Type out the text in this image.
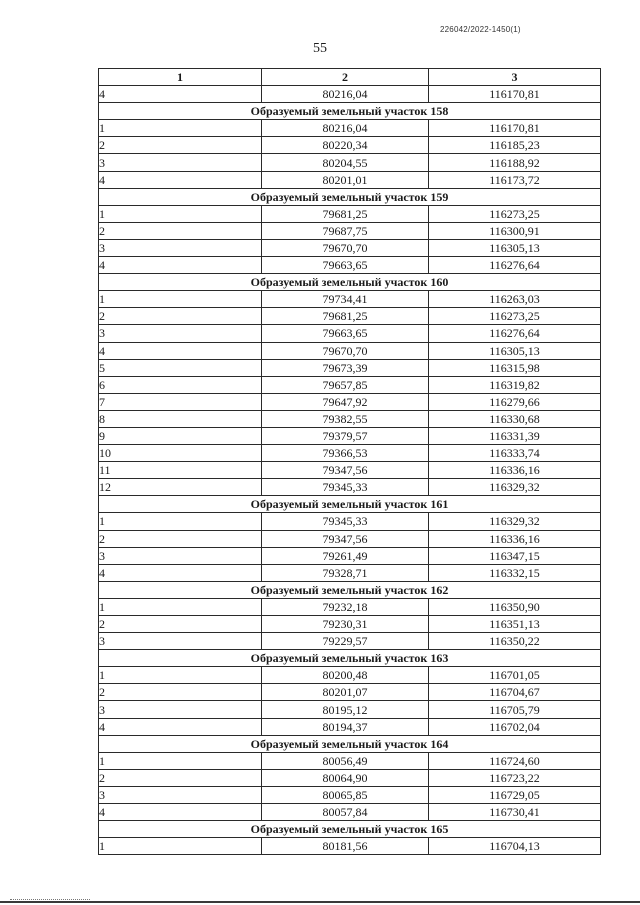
226042/2022-1450(1)
55
1	2	3
4	80216,04	116170,81
Образуемый земельный участок 158		
1	80216,04	116170,81
2	80220,34	116185,23
3	80204,55	116188,92
4	80201,01	116173,72
Образуемый земельный участок 159		
1	79681,25	116273,25
2	79687,75	116300,91
3	79670,70	116305,13
4	79663,65	116276,64
Образуемый земельный участок 160		
1	79734,41	116263,03
2	79681,25	116273,25
3	79663,65	116276,64
4	79670,70	116305,13
5	79673,39	116315,98
6	79657,85	116319,82
7	79647,92	116279,66
8	79382,55	116330,68
9	79379,57	116331,39
10	79366,53	116333,74
11	79347,56	116336,16
12	79345,33	116329,32
Образуемый земельный участок 161		
1	79345,33	116329,32
2	79347,56	116336,16
3	79261,49	116347,15
4	79328,71	116332,15
Образуемый земельный участок 162		
1	79232,18	116350,90
2	79230,31	116351,13
3	79229,57	116350,22
Образуемый земельный участок 163		
1	80200,48	116701,05
2	80201,07	116704,67
3	80195,12	116705,79
4	80194,37	116702,04
Образуемый земельный участок 164		
1	80056,49	116724,60
2	80064,90	116723,22
3	80065,85	116729,05
4	80057,84	116730,41
Образуемый земельный участок 165		
1	80181,56	116704,13
